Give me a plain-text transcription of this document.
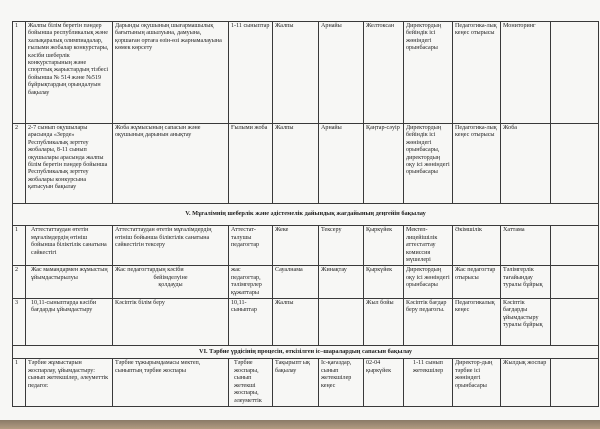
1	Жалпы білім беретін пәндер бойынша республикалық және халықаралық олимпиадалар, ғылыми жобалар конкурстары, кәсіби шеберлік конкурстарының және спорттық жарыстардың тізбесі бойынша № 514 және №519 бұйрықтардың орындалуын бақылау	Дарынды оқушының шығармашылық бағытының ашылуына, дамуына, қоршаған ортаға өзін-өзі жарнамалауына көмек көрсету	1-11 сыныптар	Жалпы	Арнайы	Желтоксан	Директордың бейіндік ісі жөніндегі орынбасары	Педагогика-лық кеңес отырысы	Мониторинг	
2	2-7 сынып оқушылары арасында «Зерде» Республикалық зерттеу жобалары, 8-11 сынып оқушылары арасында жалпы білім беретін пәндер бойынша Республикалық зерттеу жобалары конкурсына қатысуын бақылау	Жоба жұмысының сапасын және оқушының дарынын анықтау	Ғылыми жоба	Жалпы	Арнайы	Қаңтар-сәуір	Директордың бейіндік ісі жөніндегі орынбасары, директордың оқу ісі жөніндегі орынбасары	Педагогика-лық кеңес отырысы	Жоба	
V. Мұғалімнің шеберлік және әдістемелік дайындық жағдайының деңгейін бақылау										
1	Аттестаттаудан өтетін мұғалімдердің өтініш бойынша біліктілік санатына сәйкестігі	Аттестаттаудан өтетін мұғалімдердің өтініш бойынша біліктілік санатына сәйкестігін тексеру	Аттестат-талушы педагогтар	Жеке	Тексеру	Қыркүйек	Мектеп-лицейішілік аттестаттау комиссия мүшелері	Әкімшілік	Хаттама	
2	Жас мамандармен жұмыстың ұйымдастырылуы	Жас педагогтардың кәсіби
бейімделуіне
қолдауды	жас педагогтар, тәлімгерлер құжаттары	Сауалнама	Жинақтау	Қыркүйек	Директордың оқу ісі жөніндегі орынбасары	Жас педагогтар отырысы	Тәлімгерлік тағайындау туралы бұйрық	
3	10,11-сыныптарда кәсіби бағдарды ұйымдастыру	Кәсіптік білім беру	10,11-сыныптар	Жалпы		Жыл бойы	Кәсіптік бағдар беру педагогы.	Педагогикалық кеңес	Кәсіптік бағдарды ұйымдастыру туралы бұйрық	
VI. Тәрбие үрдісінің процесін, өткізілген іс–шаралардың сапасын бақылау										
1	Тәрбие жұмыстарын жоспарлау, ұйымдастыру: сынып жетекшілер, әлеуметтік педагог.	Тәрбие тұжырымдамасы мектеп, сыныптың тәрбие жоспары	Тәрбие жоспары, сынып жетекші жоспары, әлеуметтік	Тақырыпт ық бақылау	Іс-қағаздар, сынып жетекшілер кеңес	02-04 қыркүйек	1-11 сынып жетекшілер	Директор-дың тәрбие ісі жөніндегі орынбасары	Жылдық жоспар	
